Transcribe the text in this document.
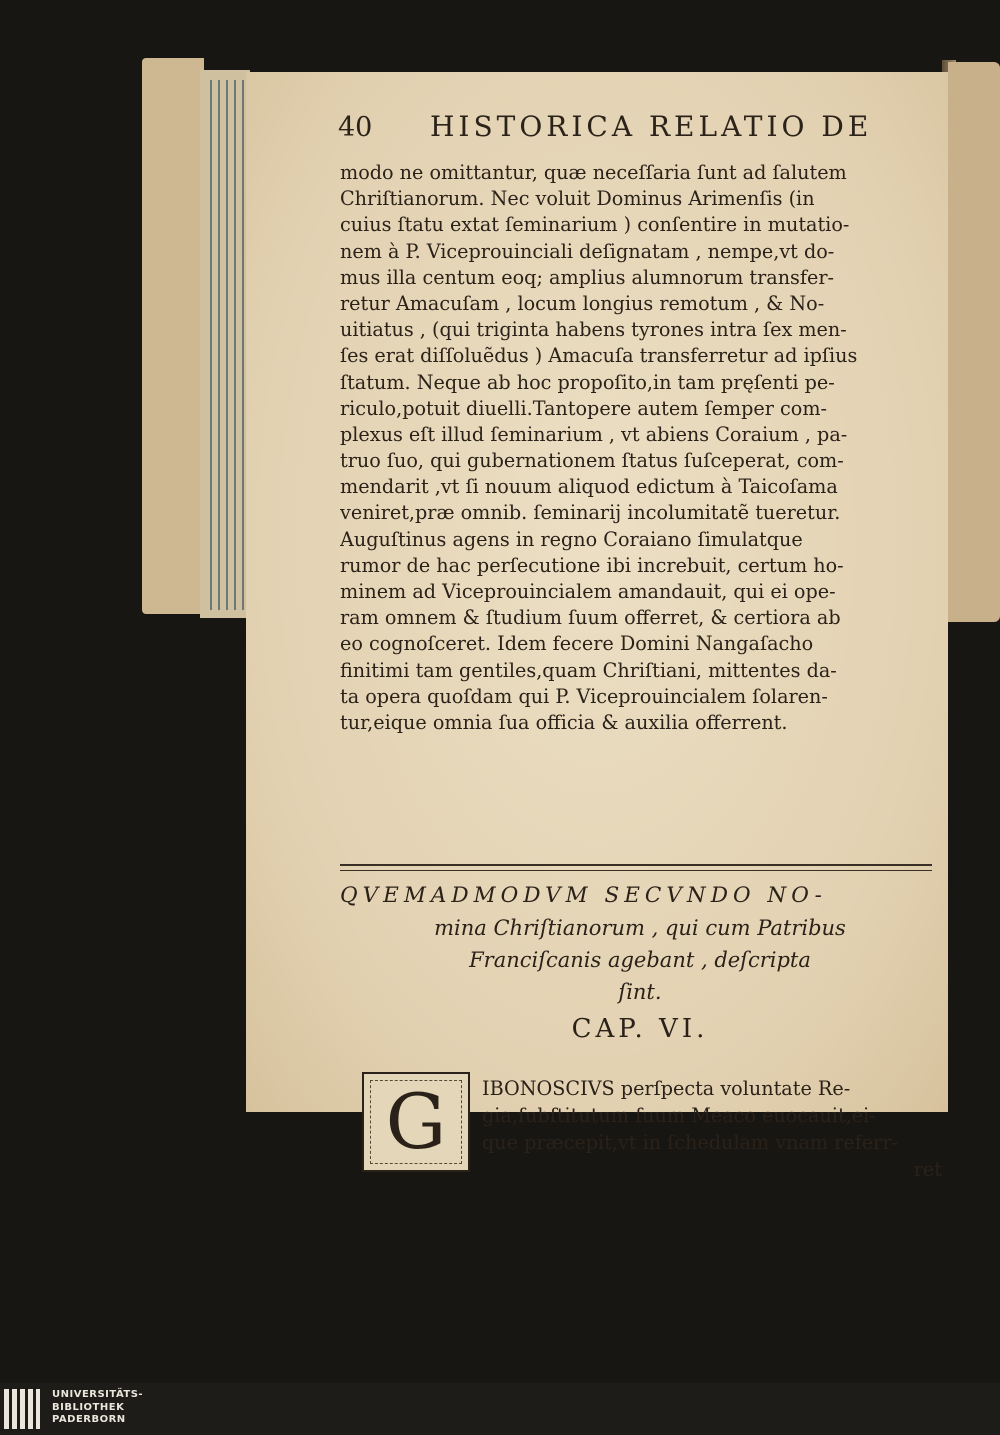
40 HISTORICA RELATIO DE
modo ne omittantur, quæ neceſſaria ſunt ad ſalutem
Chriſtianorum. Nec voluit Dominus Arimenſis (in
cuius ſtatu extat ſeminarium ) conſentire in mutatio-
nem à P. Viceprouinciali deſignatam , nempe,vt do-
mus illa centum eoq; amplius alumnorum transfer-
retur Amacuſam , locum longius remotum , & No-
uitiatus , (qui triginta habens tyrones intra ſex men-
ſes erat diſſoluẽdus ) Amacuſa transferretur ad ipſius
ſtatum. Neque ab hoc propoſito,in tam pręſenti pe-
riculo,potuit diuelli.Tantopere autem ſemper com-
plexus eſt illud ſeminarium , vt abiens Coraium , pa-
truo ſuo, qui gubernationem ſtatus ſuſceperat, com-
mendarit ,vt ſi nouum aliquod edictum à Taicoſama
veniret,præ omnib. ſeminarij incolumitatẽ tueretur.
Auguſtinus agens in regno Coraiano ſimulatque
rumor de hac perſecutione ibi increbuit, certum ho-
minem ad Viceprouincialem amandauit, qui ei ope-
ram omnem & ſtudium ſuum offerret, & certiora ab
eo cognoſceret. Idem fecere Domini Nangaſacho
finitimi tam gentiles,quam Chriſtiani, mittentes da-
ta opera quoſdam qui P. Viceprouincialem ſolaren-
tur,eique omnia ſua officia & auxilia offerrent.
QVEMADMODVM SECVNDO NO-
mina Chriſtianorum , qui cum Patribus
Franciſcanis agebant , deſcripta
ſint.
CAP. VI.
G	IBONOSCIVS perſpecta voluntate Re-
gia,ſubſtitutum ſuum Meaco euocauit,ei-
que præcepit,vt in ſchedulam vnam referr-
ret
UNIVERSITÄTS-
BIBLIOTHEK
PADERBORN
